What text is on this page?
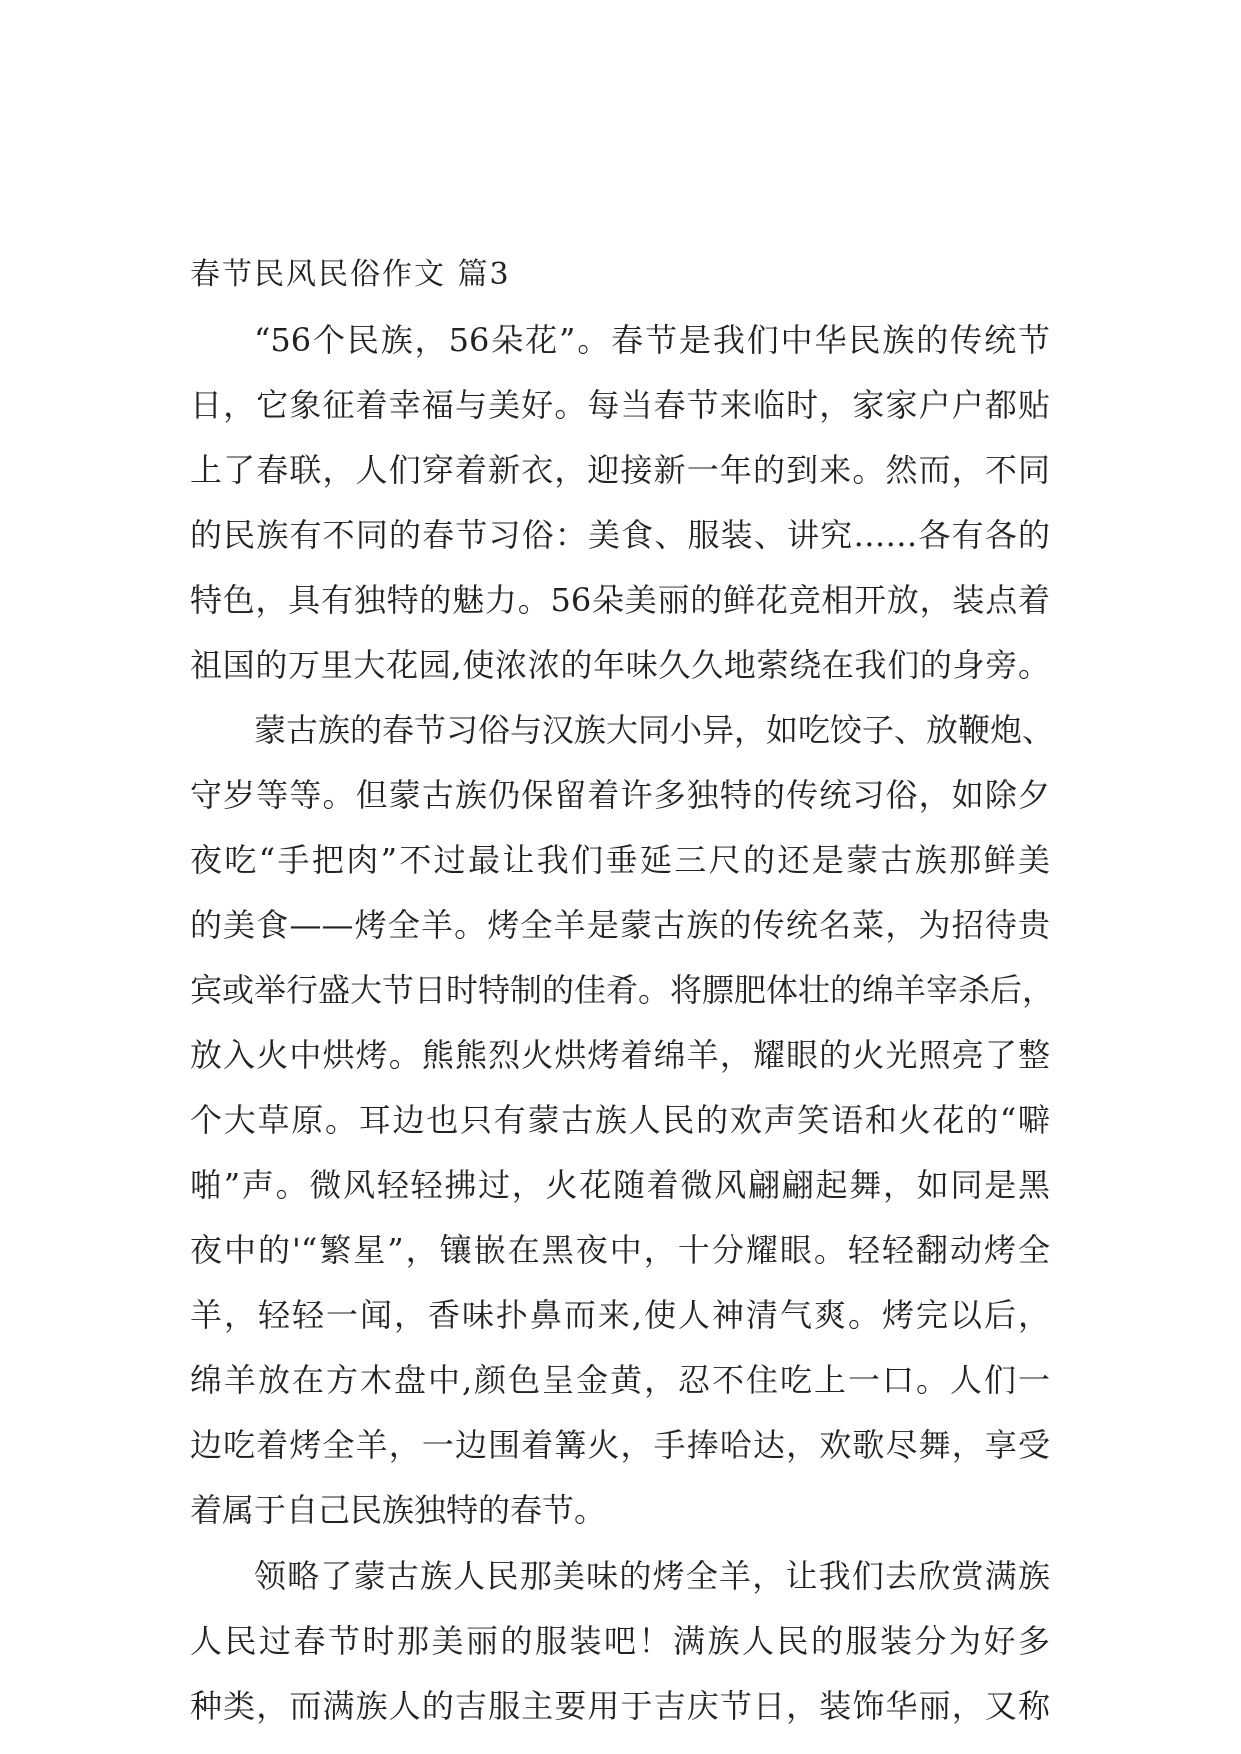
春节民风民俗作文 篇3

“56个民族，56朵花”。春节是我们中华民族的传统节

日，它象征着幸福与美好。每当春节来临时，家家户户都贴

上了春联，人们穿着新衣，迎接新一年的到来。然而，不同

的民族有不同的春节习俗：美食、服装、讲究……各有各的

特色，具有独特的魅力。56朵美丽的鲜花竞相开放，装点着

祖国的万里大花园,使浓浓的年味久久地萦绕在我们的身旁。

蒙古族的春节习俗与汉族大同小异，如吃饺子、放鞭炮、

守岁等等。但蒙古族仍保留着许多独特的传统习俗，如除夕

夜吃“手把肉”不过最让我们垂延三尺的还是蒙古族那鲜美

的美食——烤全羊。烤全羊是蒙古族的传统名菜，为招待贵

宾或举行盛大节日时特制的佳肴。将膘肥体壮的绵羊宰杀后，

放入火中烘烤。熊熊烈火烘烤着绵羊，耀眼的火光照亮了整

个大草原。耳边也只有蒙古族人民的欢声笑语和火花的“噼

啪”声。微风轻轻拂过，火花随着微风翩翩起舞，如同是黑

夜中的'“繁星”，镶嵌在黑夜中，十分耀眼。轻轻翻动烤全

羊，轻轻一闻，香味扑鼻而来,使人神清气爽。烤完以后，

绵羊放在方木盘中,颜色呈金黄，忍不住吃上一口。人们一

边吃着烤全羊，一边围着篝火，手捧哈达，欢歌尽舞，享受

着属于自己民族独特的春节。

领略了蒙古族人民那美味的烤全羊，让我们去欣赏满族

人民过春节时那美丽的服装吧！满族人民的服装分为好多

种类，而满族人的吉服主要用于吉庆节日，装饰华丽，又称
